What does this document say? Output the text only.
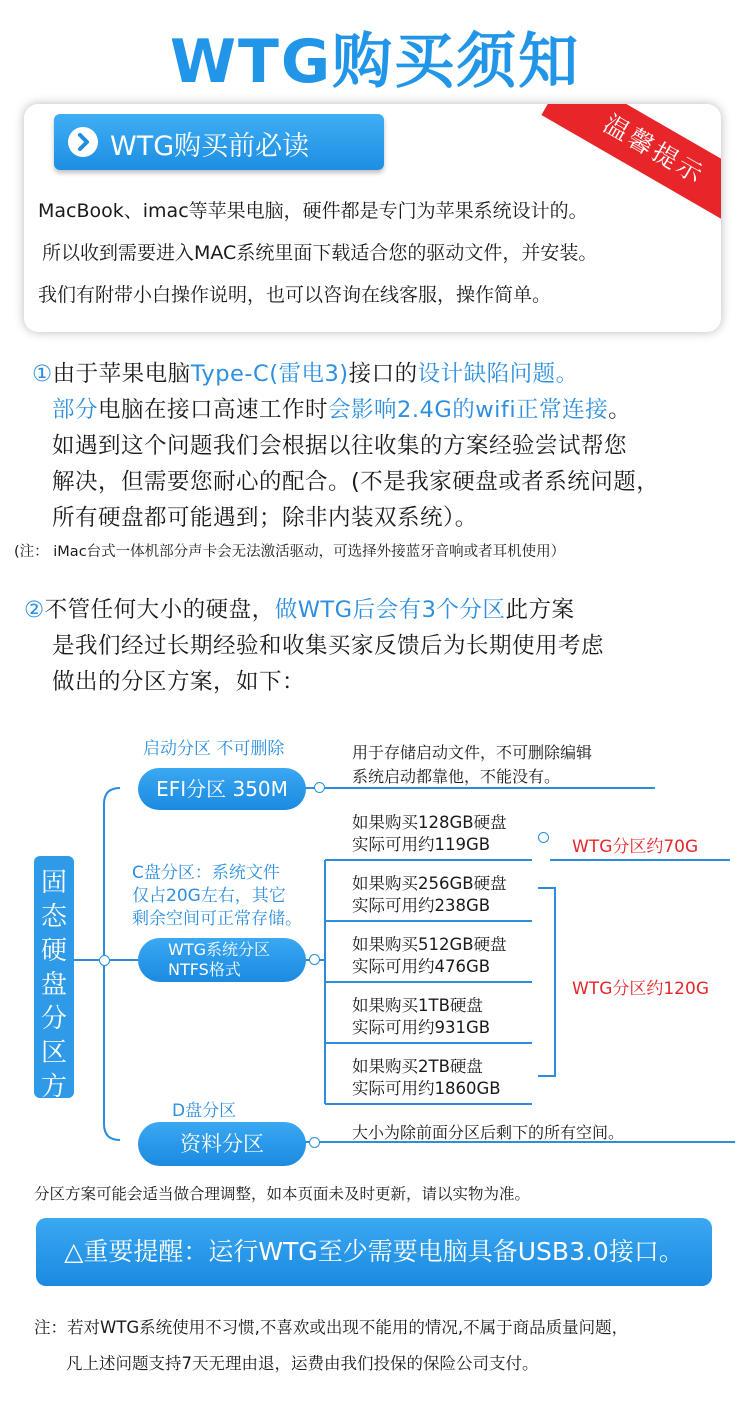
WTG购买须知
WTG购买前必读	温馨提示
MacBook、imac等苹果电脑，硬件都是专门为苹果系统设计的。
所以收到需要进入MAC系统里面下载适合您的驱动文件，并安装。
我们有附带小白操作说明，也可以咨询在线客服，操作简单。
①由于苹果电脑Type-C(雷电3)接口的设计缺陷问题。
部分电脑在接口高速工作时会影响2.4G的wifi正常连接。
如遇到这个问题我们会根据以往收集的方案经验尝试帮您
解决，但需要您耐心的配合。(不是我家硬盘或者系统问题，
所有硬盘都可能遇到；除非内装双系统）。
(注： iMac台式一体机部分声卡会无法激活驱动，可选择外接蓝牙音响或者耳机使用）
②不管任何大小的硬盘，做WTG后会有3个分区此方案
是我们经过长期经验和收集买家反馈后为长期使用考虑
做出的分区方案，如下：
固态硬盘分区方案
启动分区 不可删除
EFI分区 350M
用于存储启动文件，不可删除编辑
系统启动都靠他，不能没有。
C盘分区：系统文件
仅占20G左右，其它
剩余空间可正常存储。
WTG系统分区
NTFS格式
如果购买128GB硬盘
实际可用约119GB
如果购买256GB硬盘
实际可用约238GB
如果购买512GB硬盘
实际可用约476GB
如果购买1TB硬盘
实际可用约931GB
如果购买2TB硬盘
实际可用约1860GB
WTG分区约70G
WTG分区约120G
D盘分区
资料分区	大小为除前面分区后剩下的所有空间。
分区方案可能会适当做合理调整，如本页面未及时更新，请以实物为准。
△重要提醒：运行WTG至少需要电脑具备USB3.0接口。
注：若对WTG系统使用不习惯,不喜欢或出现不能用的情况,不属于商品质量问题，
凡上述问题支持7天无理由退，运费由我们投保的保险公司支付。
